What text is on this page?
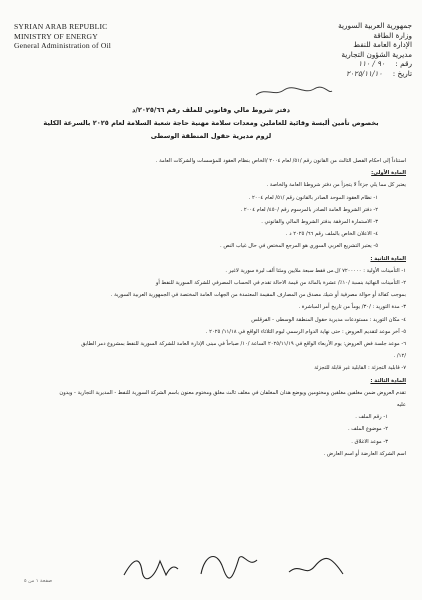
SYRIAN ARAB REPUBLIC
MINISTRY OF ENERGY
General Administration of Oil
جمهورية العربية السورية
وزارة الطاقة
الإدارة العامة للنفط
مديرية الشؤون التجارية
رقم : ٩٠ / ١١٠
تاريخ : ٢٠٢٥/١١/١٠
دفتر شروط مالي وقانوني للملف رقم ٢٠٢٥/٦٦/د
بخصوص تأمين ألبسة وقائية للعاملين ومعدات سلامة مهنية حاجة شعبة السلامة لعام ٢٠٢٥ بالسرعة الكلية
لزوم مديرية حقول المنطقة الوسطى
استناداً إلى احكام الفصل الثالث من القانون رقم /٥١/ لعام ٢٠٠٤ /الخاص بنظام العقود للمؤسسات والشركات العامة .
المادة الأولى:
يعتبر كل مما يلي جزءاً لا يتجزأ من دفتر شروطنا العامة والخاصة .
١- نظام العقود الموحد الصادر بالقانون رقم /٥١/ لعام ٢٠٠٤ .
٢- دفتر الشروط العامة الصادر بالمرسوم رقم /٤٥٠/ لعام ٢٠٠٤ .
٣- الاستمارة المرفقة بدفتر الشروط المالي والقانوني .
٤- الاعلان الخاص بالملف رقم ٦٦/ ٢٠٢٥ د .
٥- يعتبر التشريع العربي السوري هو المرجع المختص في حال غياب النص .
المادة الثانية :
١- التأمينات الأولية : ٧٢٠٠٠٠٠ /ل.س فقط سبعة ملايين ومئتا ألف ليرة سورية لاغير .
٢- التأمينات النهائية بنسبة /١٠٪/ عشرة بالمائة من قيمة الاحالة تقدم في الحساب المصرفي للشركة السورية للنفط أو
بموجب كفالة أو حوالة مصرفية أو شيك مصدق من المصارف المقيمة المعتمدة من الجهات العامة المختصة في الجمهورية العربية السورية .
٣- مدة التوريد : /٣٠/ يوماً من تاريخ أمر المباشرة .
٤- مكان التوريد : مستودعات مديرية حقول المنطقة الوسطى - الفرقلس
٥- آخر موعد لتقديم العروض : حتى نهاية الدوام الرسمي ليوم الثلاثاء الواقع في ١١/١٨/ ٢٠٢٥ .
٦- موعد جلسة فض العروض: يوم الأربعاء الواقع في ٢٠٢٥/١١/١٩ الساعة /١٠/ صباحاً في مبنى الإدارة العامة للشركة السورية للنفط بمشروع دمر الطابق
/١٢/ .
٧- قابلية التجزئة : القابلية غير قابلة للتجزئة
المادة الثالثة :
تقدم العروض ضمن مغلفين مغلقين ومختومين ويوضع هذان المغلفان في مغلف ثالث مغلق ومختوم معنون باسم الشركة السورية للنفط - المديرية التجارية - ويدون
عليه
١- رقم الملف .
٢- موضوع الملف .
٣- موعد الاغلاق .
اسم الشركة العارضة أو اسم العارض .
صفحة ١ من ٥
